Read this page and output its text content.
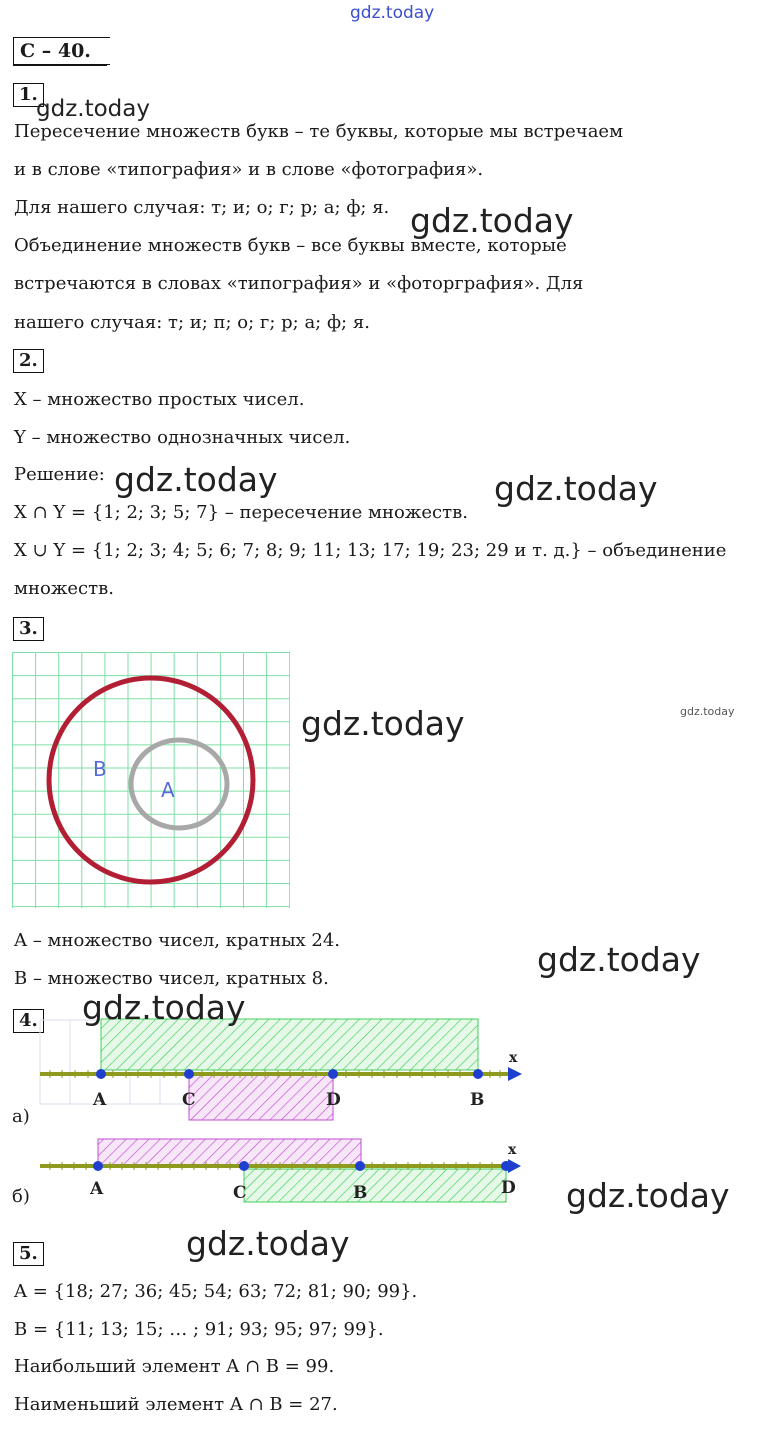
gdz.today
С – 40.
1.
Пересечение множеств букв – те буквы, которые мы встречаем
и в слове «типография» и в слове «фотография».
Для нашего случая: т; и; о; г; р; а; ф; я.
Объединение множеств букв – все буквы вместе, которые
встречаются в словах «типография» и «фоторграфия». Для
нашего случая: т; и; п; о; г; р; а; ф; я.
2.
X – множество простых чисел.
Y – множество однозначных чисел.
Решение:
X ∩ Y = {1; 2; 3; 5; 7} – пересечение множеств.
X ∪ Y = {1; 2; 3; 4; 5; 6; 7; 8; 9; 11; 13; 17; 19; 23; 29 и т. д.} – объединение
множеств.
3.
B
A
A – множество чисел, кратных 24.
B – множество чисел, кратных 8.
4.
x
A	C	D	B
x
A	C	B	D
а)
б)
5.
A = {18; 27; 36; 45; 54; 63; 72; 81; 90; 99}.
B = {11; 13; 15; … ; 91; 93; 95; 97; 99}.
Наибольший элемент A ∩ B = 99.
Наименьший элемент A ∩ B = 27.
gdz.today
gdz.today
gdz.today	gdz.today
gdz.today	gdz.today
gdz.today
gdz.today
gdz.today
gdz.today
